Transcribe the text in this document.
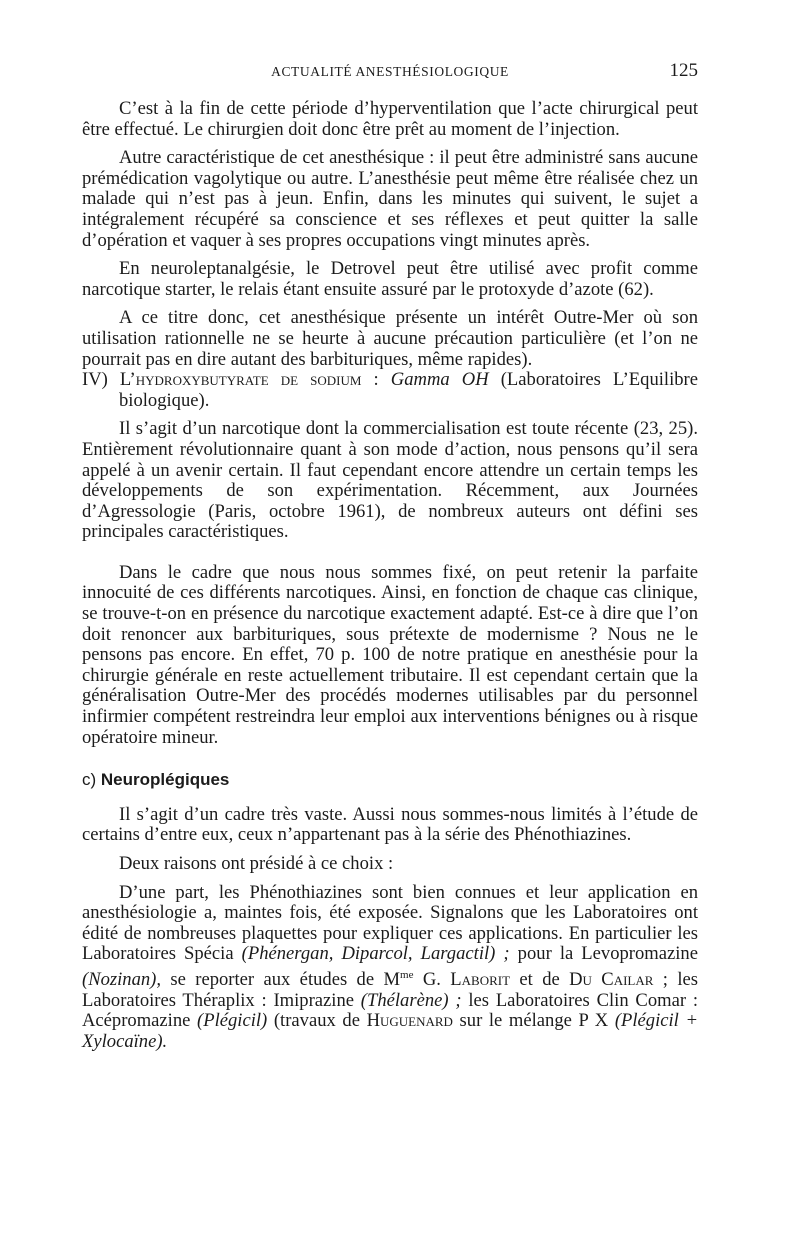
ACTUALITÉ ANESTHÉSIOLOGIQUE	125

C’est à la fin de cette période d’hyperventilation que l’acte chirurgical peut être effectué. Le chirurgien doit donc être prêt au moment de l’injection.

Autre caractéristique de cet anesthésique : il peut être administré sans aucune prémédication vagolytique ou autre. L’anesthésie peut même être réalisée chez un malade qui n’est pas à jeun. Enfin, dans les minutes qui suivent, le sujet a intégralement récupéré sa conscience et ses réflexes et peut quitter la salle d’opération et vaquer à ses propres occupations vingt minutes après.

En neuroleptanalgésie, le Detrovel peut être utilisé avec profit comme narcotique starter, le relais étant ensuite assuré par le protoxyde d’azote (62).

A ce titre donc, cet anesthésique présente un intérêt Outre-Mer où son utilisation rationnelle ne se heurte à aucune précaution particulière (et l’on ne pourrait pas en dire autant des barbituriques, même rapides).

IV) L’hydroxybutyrate de sodium : Gamma OH (Laboratoires L’Equilibre biologique).

Il s’agit d’un narcotique dont la commercialisation est toute récente (23, 25). Entièrement révolutionnaire quant à son mode d’action, nous pensons qu’il sera appelé à un avenir certain. Il faut cependant encore attendre un certain temps les développements de son expérimentation. Récemment, aux Journées d’Agressologie (Paris, octobre 1961), de nombreux auteurs ont défini ses principales caractéristiques.

Dans le cadre que nous nous sommes fixé, on peut retenir la parfaite innocuité de ces différents narcotiques. Ainsi, en fonction de chaque cas clinique, se trouve-t-on en présence du narcotique exactement adapté. Est-ce à dire que l’on doit renoncer aux barbituriques, sous prétexte de modernisme ? Nous ne le pensons pas encore. En effet, 70 p. 100 de notre pratique en anesthésie pour la chirurgie générale en reste actuellement tributaire. Il est cependant certain que la généralisation Outre-Mer des procédés modernes utilisables par du personnel infirmier compétent restreindra leur emploi aux interventions bénignes ou à risque opératoire mineur.

c) Neuroplégiques

Il s’agit d’un cadre très vaste. Aussi nous sommes-nous limités à l’étude de certains d’entre eux, ceux n’appartenant pas à la série des Phénothiazines.

Deux raisons ont présidé à ce choix :

D’une part, les Phénothiazines sont bien connues et leur application en anesthésiologie a, maintes fois, été exposée. Signalons que les Laboratoires ont édité de nombreuses plaquettes pour expliquer ces applications. En particulier les Laboratoires Spécia (Phénergan, Diparcol, Largactil) ; pour la Levopromazine (Nozinan), se reporter aux études de $M^{me}$ G. Laborit et de Du Cailar ; les Laboratoires Théraplix : Imiprazine (Thélarène) ; les Laboratoires Clin Comar : Acépromazine (Plégicil) (travaux de Huguenard sur le mélange P X (Plégicil + Xylocaïne).
